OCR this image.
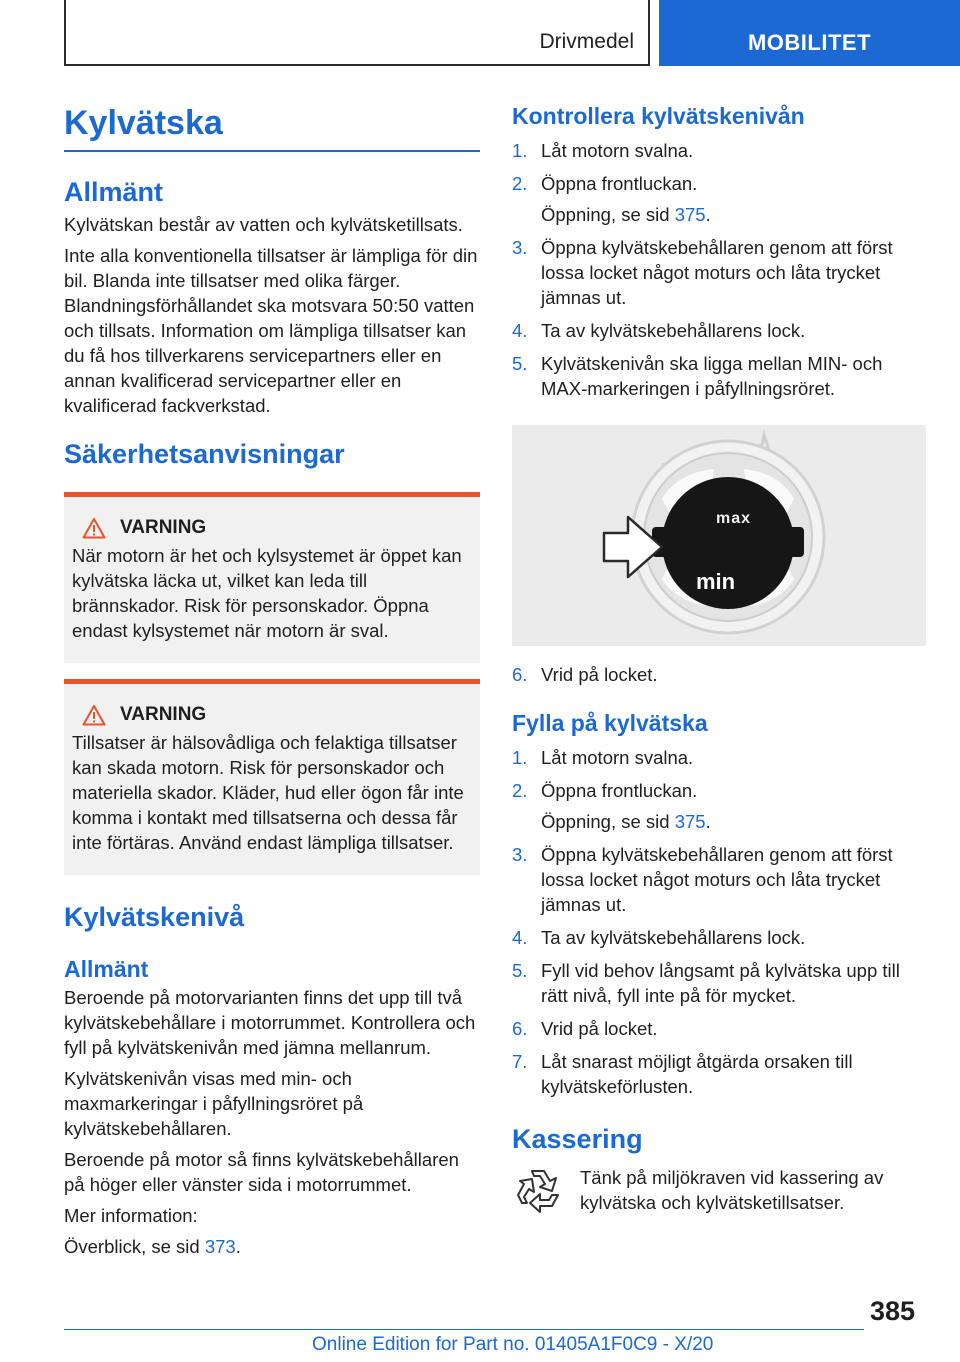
Drivmedel	MOBILITET
Kylvätska
Allmänt

Kylvätskan består av vatten och kylvätsketillsats.

Inte alla konventionella tillsatser är lämpliga för din bil. Blanda inte tillsatser med olika färger. Blandningsförhållandet ska motsvara 50:50 vatten och tillsats. Information om lämpliga tillsatser kan du få hos tillverkarens servicepartners eller en annan kvalificerad servicepartner eller en kvalificerad fackverkstad.

Säkerhetsanvisningar
VARNING

När motorn är het och kylsystemet är öppet kan kylvätska läcka ut, vilket kan leda till brännskador. Risk för personskador. Öppna endast kylsystemet när motorn är sval.

VARNING

Tillsatser är hälsovådliga och felaktiga tillsatser kan skada motorn. Risk för personskador och materiella skador. Kläder, hud eller ögon får inte komma i kontakt med tillsatserna och dessa får inte förtäras. Använd endast lämpliga tillsatser.

Kylvätskenivå
Allmänt

Beroende på motorvarianten finns det upp till två kylvätskebehållare i motorrummet. Kontrollera och fyll på kylvätskenivån med jämna mellanrum.

Kylvätskenivån visas med min- och maxmarkeringar i påfyllningsröret på kylvätskebehållaren.

Beroende på motor så finns kylvätskebehållaren på höger eller vänster sida i motorrummet.

Mer information:

Överblick, se sid 373.

Kontrollera kylvätskenivån
1. Låt motorn svalna.
2. Öppna frontluckan.
Öppning, se sid 375.
3. Öppna kylvätskebehållaren genom att först lossa locket något moturs och låta trycket jämnas ut.
4. Ta av kylvätskebehållarens lock.
5. Kylvätskenivån ska ligga mellan MIN- och MAX-markeringen i påfyllningsröret.
max
min
6. Vrid på locket.
Fylla på kylvätska
1. Låt motorn svalna.
2. Öppna frontluckan.
Öppning, se sid 375.
3. Öppna kylvätskebehållaren genom att först lossa locket något moturs och låta trycket jämnas ut.
4. Ta av kylvätskebehållarens lock.
5. Fyll vid behov långsamt på kylvätska upp till rätt nivå, fyll inte på för mycket.
6. Vrid på locket.
7. Låt snarast möjligt åtgärda orsaken till kylvätskeförlusten.
Kassering

Tänk på miljökraven vid kassering av kylvätska och kylvätsketillsatser.

385
Online Edition for Part no. 01405A1F0C9 - X/20
